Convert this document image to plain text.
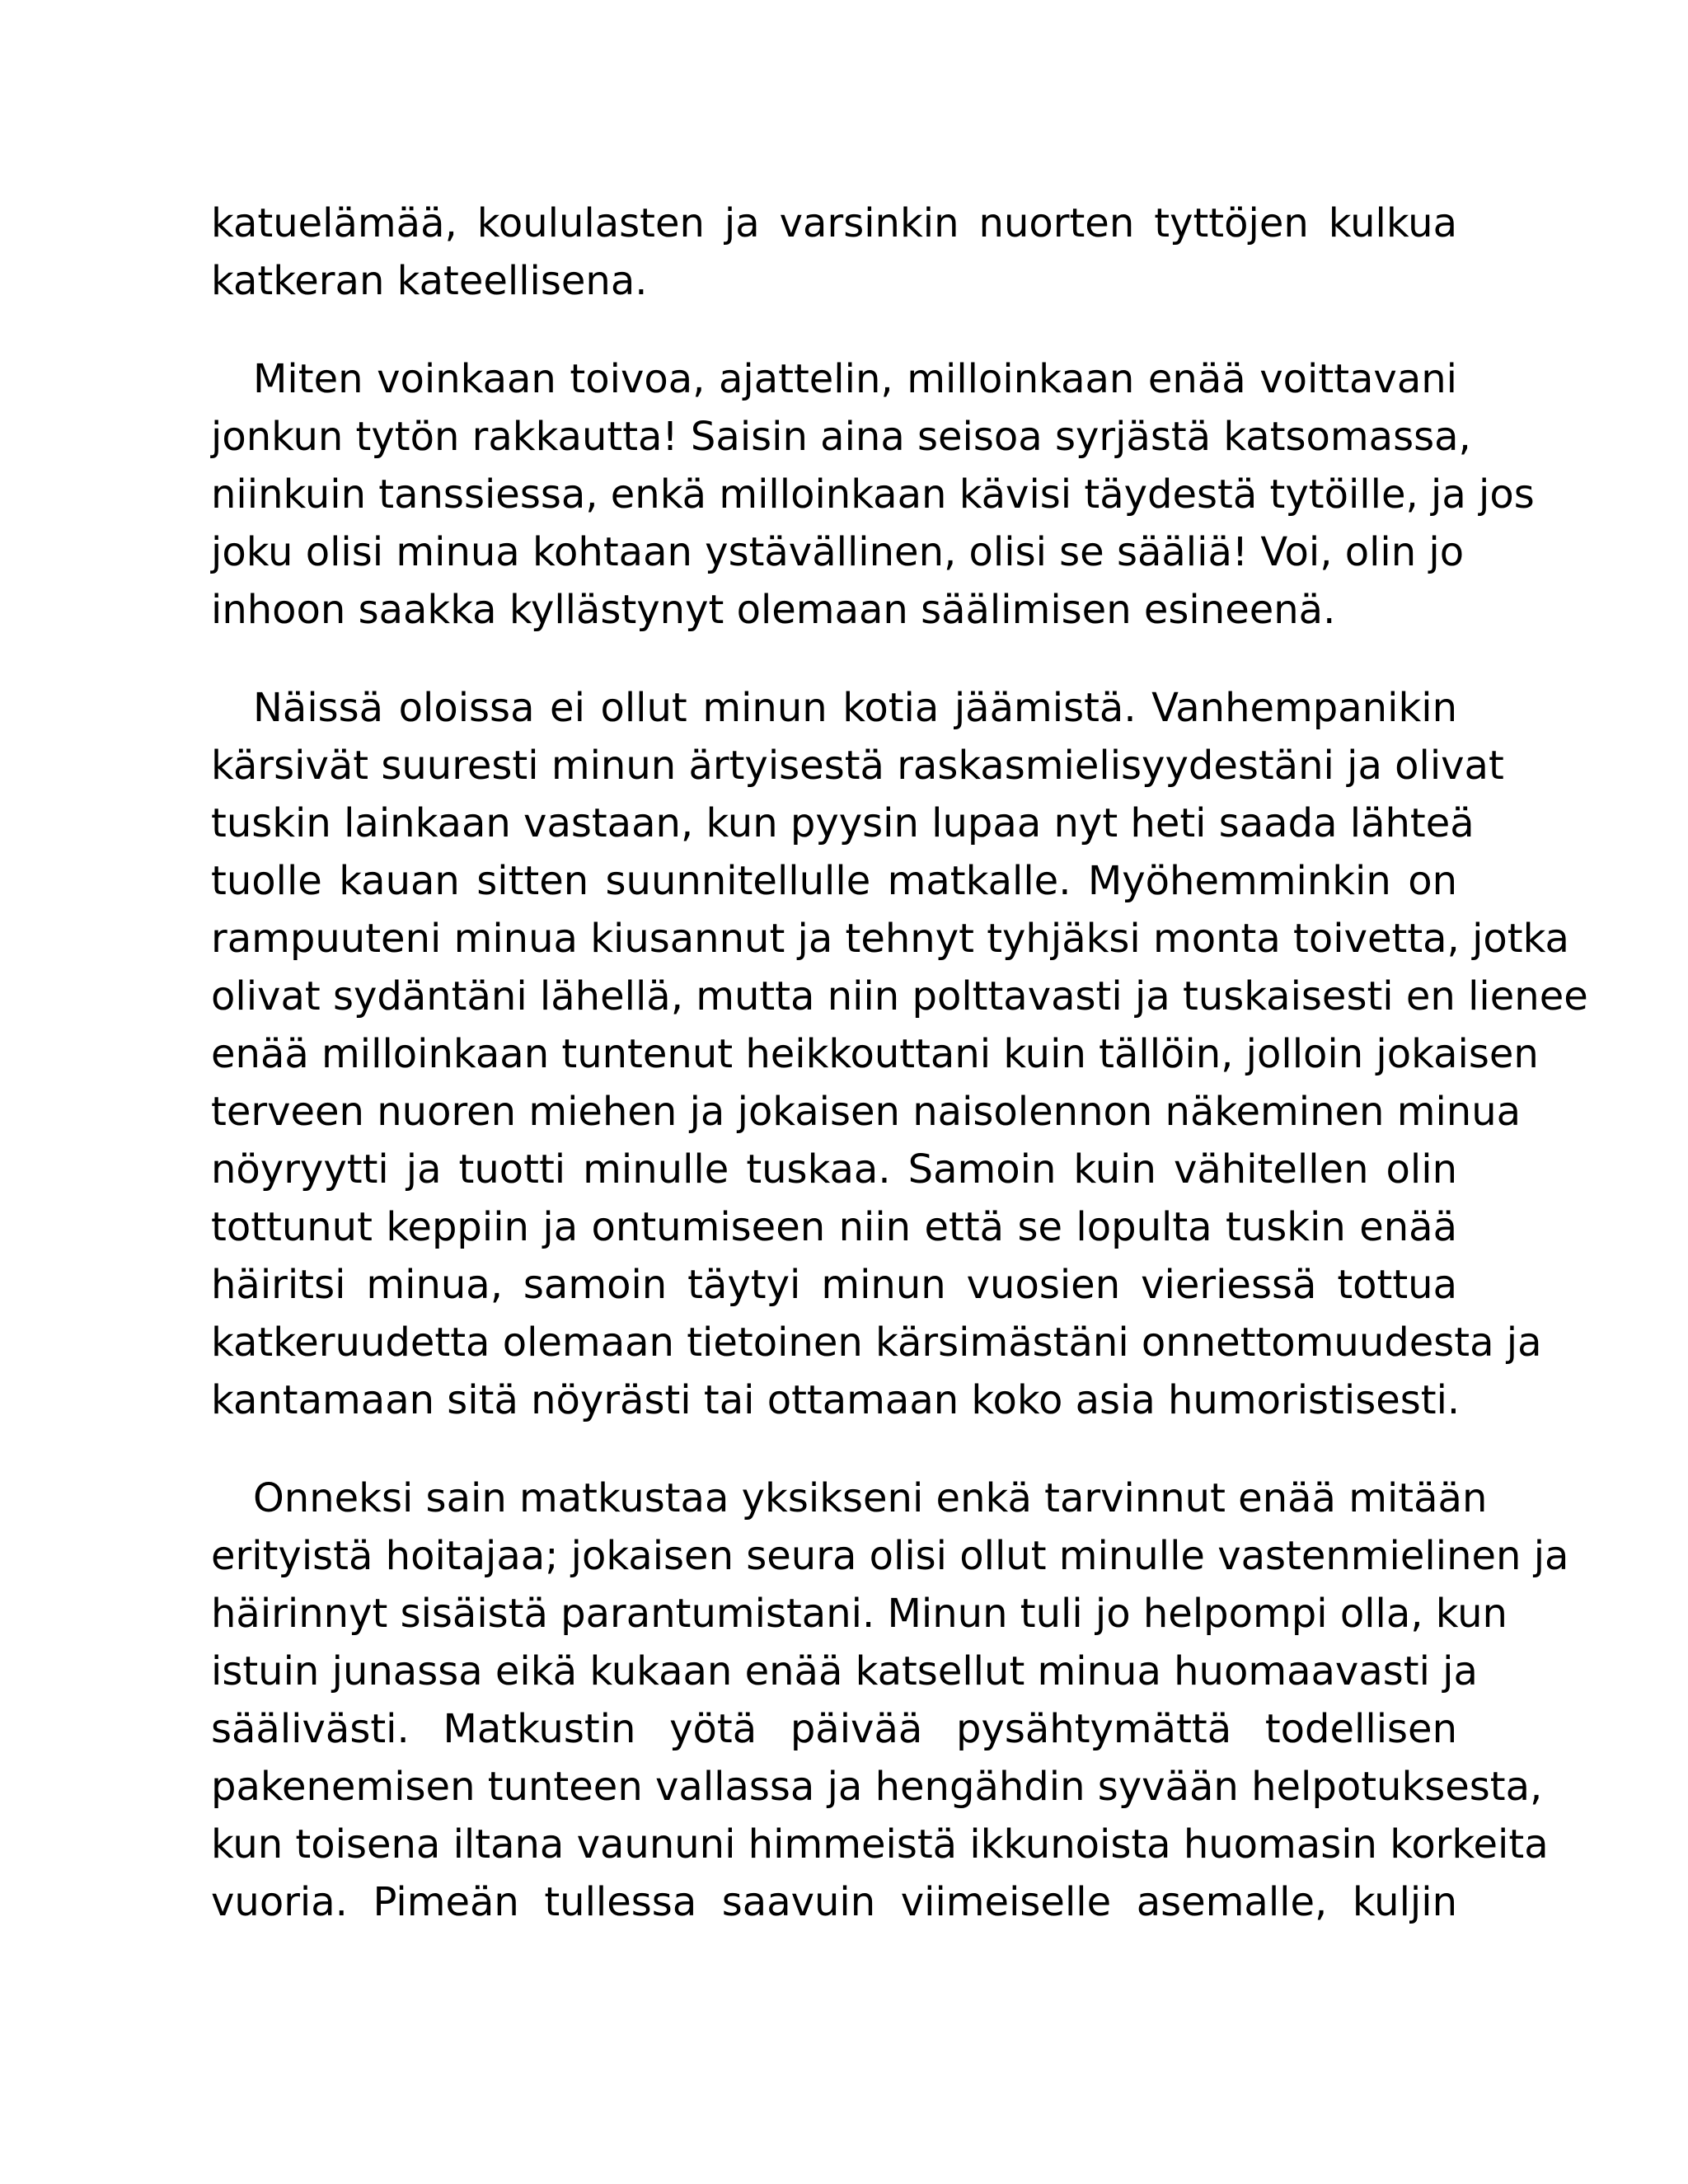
katuelämää, koululasten ja varsinkin nuorten tyttöjen kulkua
katkeran kateellisena.
Miten voinkaan toivoa, ajattelin, milloinkaan enää voittavani
jonkun tytön rakkautta! Saisin aina seisoa syrjästä katsomassa,
niinkuin tanssiessa, enkä milloinkaan kävisi täydestä tytöille, ja jos
joku olisi minua kohtaan ystävällinen, olisi se sääliä! Voi, olin jo
inhoon saakka kyllästynyt olemaan säälimisen esineenä.
Näissä oloissa ei ollut minun kotia jäämistä. Vanhempanikin
kärsivät suuresti minun ärtyisestä raskasmielisyydestäni ja olivat
tuskin lainkaan vastaan, kun pyysin lupaa nyt heti saada lähteä
tuolle kauan sitten suunnitellulle matkalle. Myöhemminkin on
rampuuteni minua kiusannut ja tehnyt tyhjäksi monta toivetta, jotka
olivat sydäntäni lähellä, mutta niin polttavasti ja tuskaisesti en lienee
enää milloinkaan tuntenut heikkouttani kuin tällöin, jolloin jokaisen
terveen nuoren miehen ja jokaisen naisolennon näkeminen minua
nöyryytti ja tuotti minulle tuskaa. Samoin kuin vähitellen olin
tottunut keppiin ja ontumiseen niin että se lopulta tuskin enää
häiritsi minua, samoin täytyi minun vuosien vieriessä tottua
katkeruudetta olemaan tietoinen kärsimästäni onnettomuudesta ja
kantamaan sitä nöyrästi tai ottamaan koko asia humoristisesti.
Onneksi sain matkustaa yksikseni enkä tarvinnut enää mitään
erityistä hoitajaa; jokaisen seura olisi ollut minulle vastenmielinen ja
häirinnyt sisäistä parantumistani. Minun tuli jo helpompi olla, kun
istuin junassa eikä kukaan enää katsellut minua huomaavasti ja
säälivästi. Matkustin yötä päivää pysähtymättä todellisen
pakenemisen tunteen vallassa ja hengähdin syvään helpotuksesta,
kun toisena iltana vaununi himmeistä ikkunoista huomasin korkeita
vuoria. Pimeän tullessa saavuin viimeiselle asemalle, kuljin
